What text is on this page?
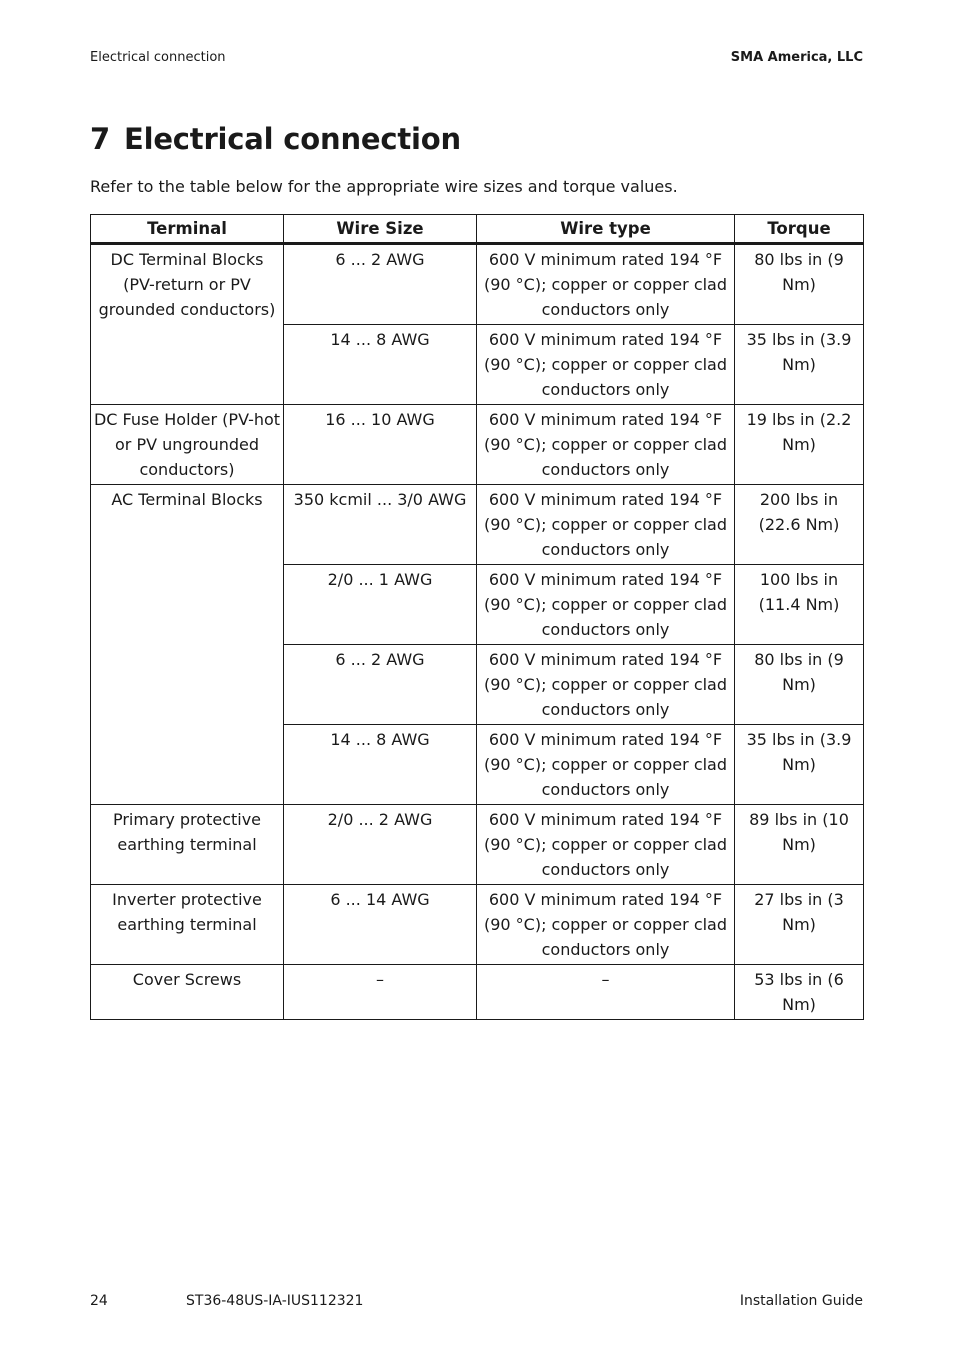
Electrical connection	SMA America, LLC
7 Electrical connection

Refer to the table below for the appropriate wire sizes and torque values.

Terminal	Wire Size	Wire type	Torque
DC Terminal Blocks (PV-return or PV grounded conductors)	6 ... 2 AWG	600 V minimum rated 194 °F (90 °C); copper or copper clad conductors only	80 lbs in (9 Nm)
	14 ... 8 AWG	600 V minimum rated 194 °F (90 °C); copper or copper clad conductors only	35 lbs in (3.9 Nm)
DC Fuse Holder (PV-hot or PV ungrounded conductors)	16 ... 10 AWG	600 V minimum rated 194 °F (90 °C); copper or copper clad conductors only	19 lbs in (2.2 Nm)
AC Terminal Blocks	350 kcmil ... 3/0 AWG	600 V minimum rated 194 °F (90 °C); copper or copper clad conductors only	200 lbs in (22.6 Nm)
	2/0 ... 1 AWG	600 V minimum rated 194 °F (90 °C); copper or copper clad conductors only	100 lbs in (11.4 Nm)
	6 ... 2 AWG	600 V minimum rated 194 °F (90 °C); copper or copper clad conductors only	80 lbs in (9 Nm)
	14 ... 8 AWG	600 V minimum rated 194 °F (90 °C); copper or copper clad conductors only	35 lbs in (3.9 Nm)
Primary protective earthing terminal	2/0 ... 2 AWG	600 V minimum rated 194 °F (90 °C); copper or copper clad conductors only	89 lbs in (10 Nm)
Inverter protective earthing terminal	6 ... 14 AWG	600 V minimum rated 194 °F (90 °C); copper or copper clad conductors only	27 lbs in (3 Nm)
Cover Screws	–	–	53 lbs in (6 Nm)
24	ST36-48US-IA-IUS112321	Installation Guide
